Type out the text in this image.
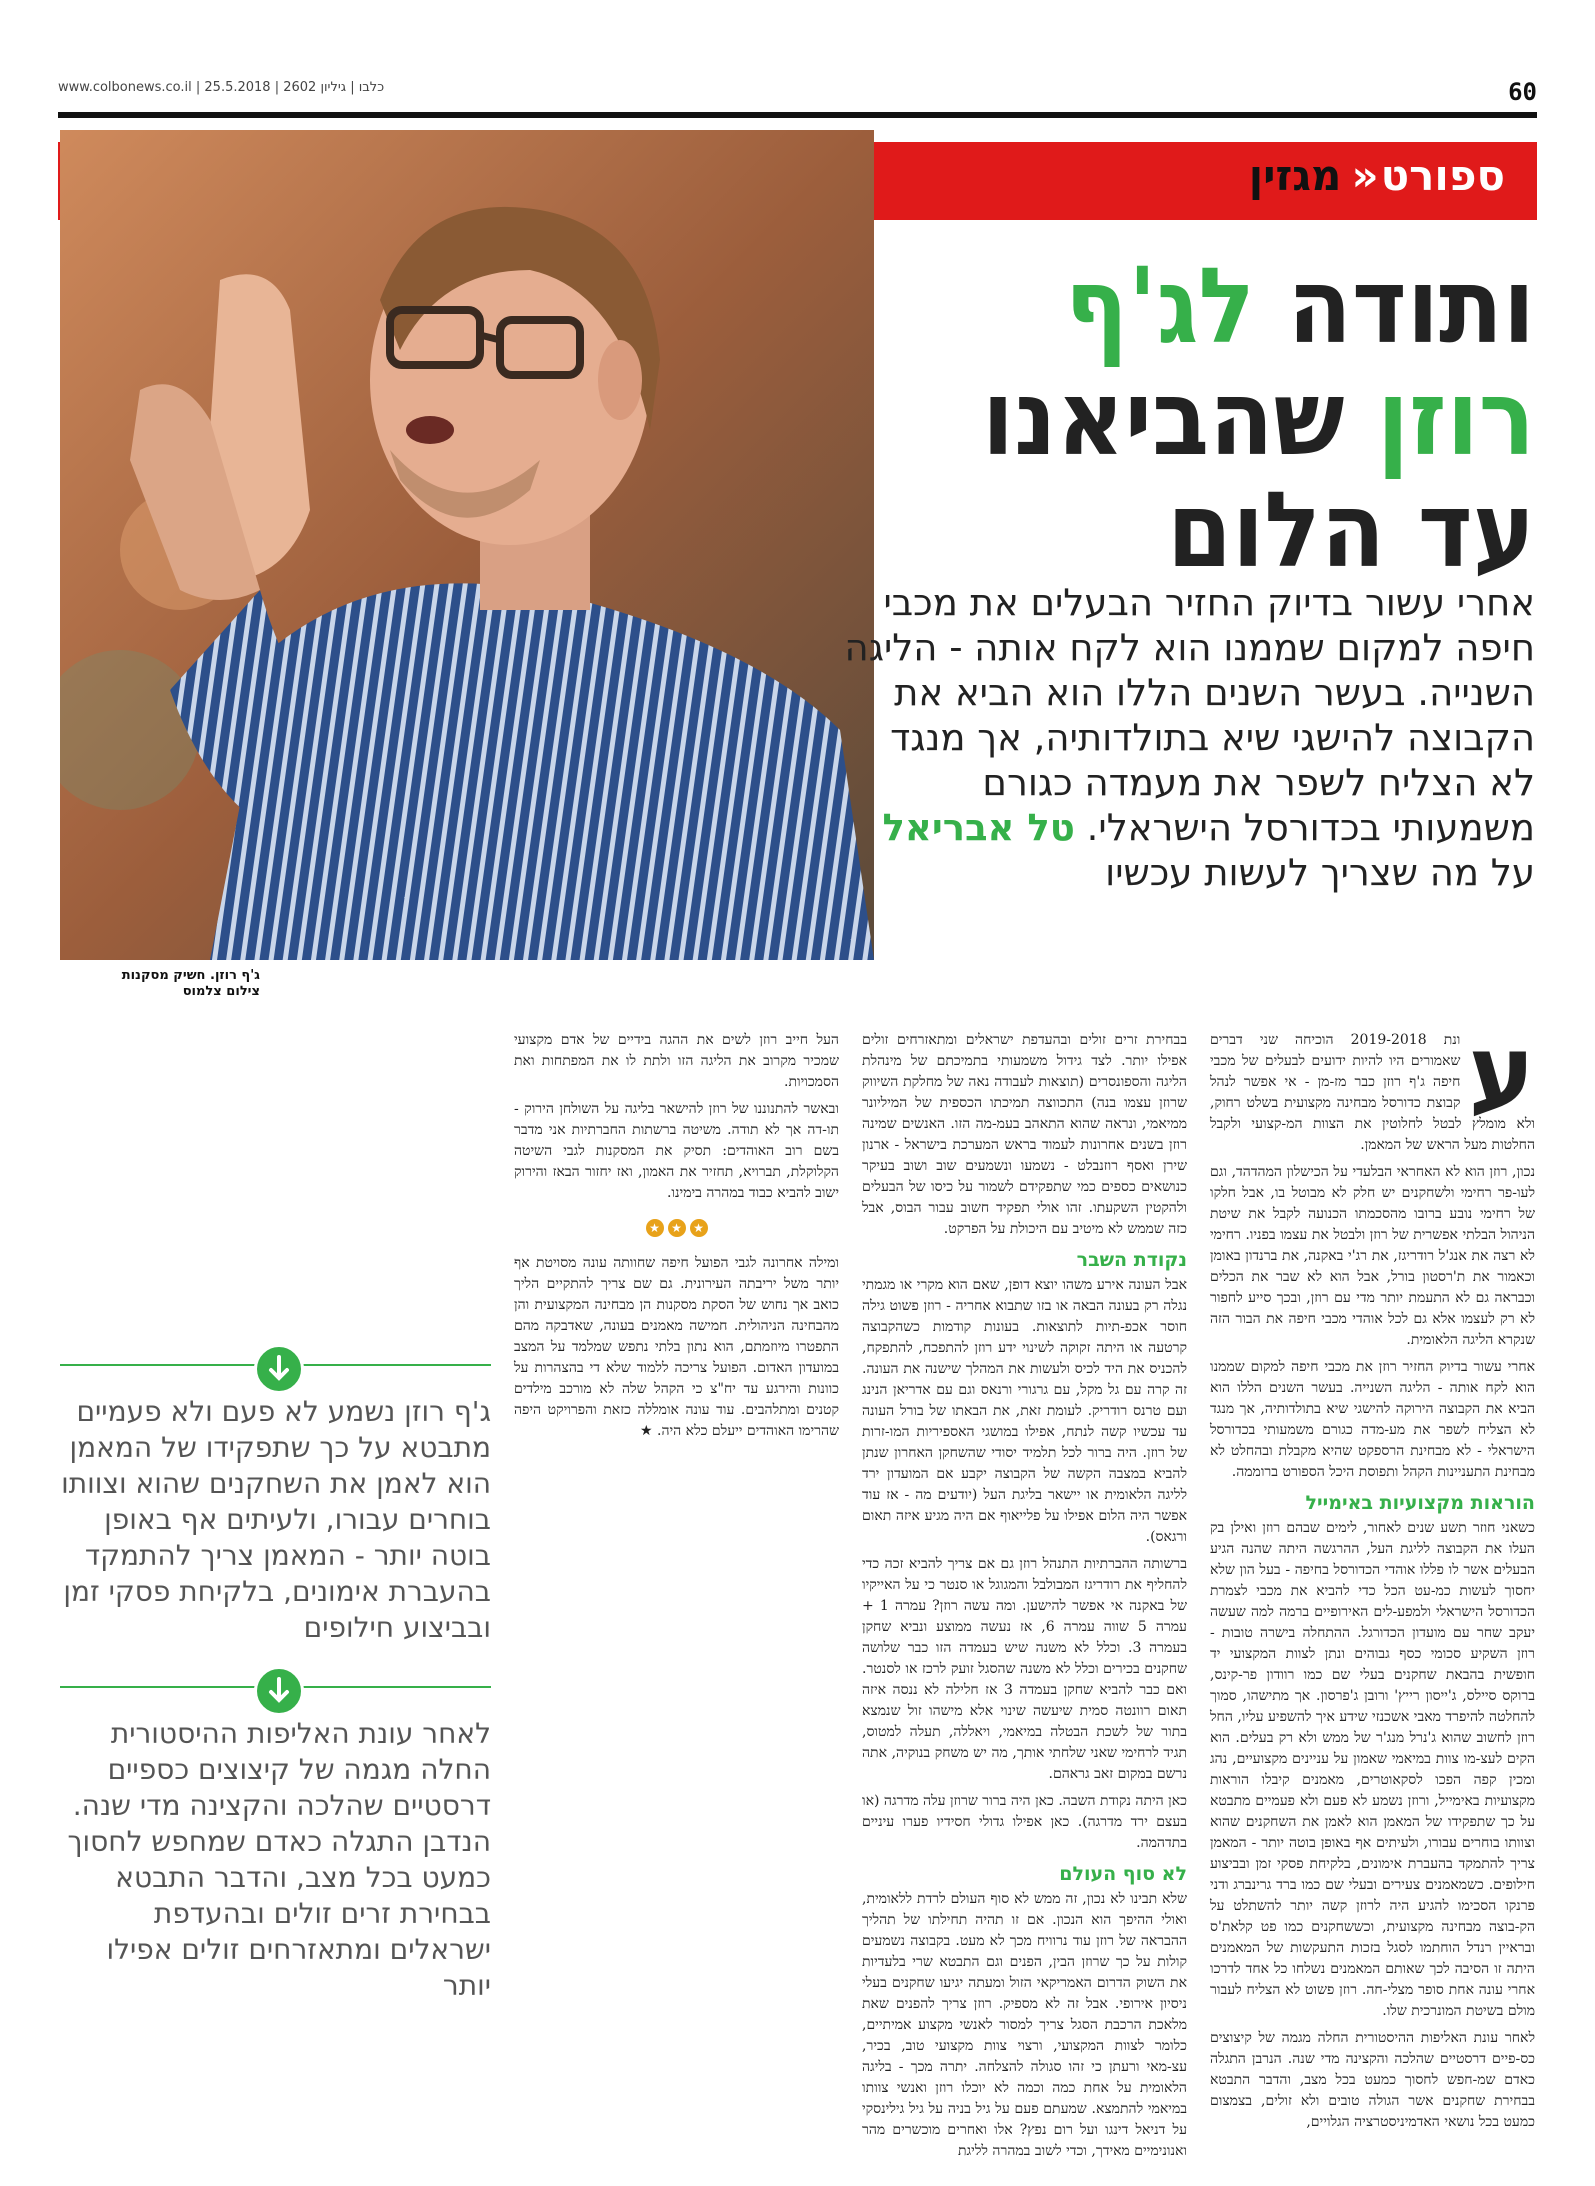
www.colbonews.co.il | כלבו | גיליון 2602 | 25.5.2018	60
ספורט«מגזין
ג'ף רוזן. חשיק מסקנות
צילום צלמוס
ותודה לג'ף
רוזן שהביאנו
עד הלום
אחרי עשור בדיוק החזיר הבעלים את מכבי חיפה למקום שממנו הוא לקח אותה - הליגה השנייה. בעשר השנים הללו הוא הביא את הקבוצה להישגי שיא בתולדותיה, אך מנגד לא הצליח לשפר את מעמדה כגורם משמעותי בכדורסל הישראלי. טל אבריאל על מה שצריך לעשות עכשיו

ע
ונת 2019-2018 הוכיחה שני דברים שאמורים היו להיות ידועים לבעלים של מכבי חיפה ג'ף רוזן כבר מז-מן - אי אפשר לנהל קבוצת כדורסל מבחינה מקצועית בשלט רחוק, ולא מומלץ לבטל לחלוטין את הצוות המ-קצועי ולקבל החלטות מעל הראש של המאמן.

נכון, רוזן הוא לא האחראי הבלעדי על הכישלון המהדהד, וגם לעו-פר רחימי ולשחקנים יש חלק לא מבוטל בו, אבל חלקו של רחימי נובע ברובו מהסכמתו הכנועה לקבל את שיטת הניהול הבלתי אפשרית של רוזן ולבטל את עצמו בפניו. רחימי לא רצה את אנג'ל רודריגז, את רג'י באקנה, את ברנדון באומן וכאמור את ת'רסטון בורל, אבל הוא לא שבר את הכלים וכבראה גם לא התעמת יותר מדי עם רוזן, ובכך סייע לחפור לא רק לעצמו אלא גם לכל אוהדי מכבי חיפה את הבור הזה שנקרא הליגה הלאומית.

אחרי עשור בדיוק החזיר רוזן את מכבי חיפה למקום שממנו הוא לקח אותה - הליגה השנייה. בעשר השנים הללו הוא הביא את הקבוצה הירוקה להישגי שיא בתולדותיה, אך מנגד לא הצליח לשפר את מע-מדה כגורם משמעותי בכדורסל הישראלי - לא מבחינת הרספקט שהיא מקבלת ובהחלט לא מבחינת התעניינות הקהל ותפוסת היכל הספורט ברוממה.

הוראות מקצועיות באימייל

כשאני חוזר תשע שנים לאחור, לימים שבהם רוזן ואילן בק העלו את הקבוצה לליגת העל, ההרגשה היתה שהנה הגיע הבעלים אשר לו פללו אוהדי הכדורסל בחיפה - בעל הון שלא יחסוך לעשות כמ-עט הכל כדי להביא את מכבי לצמרת הכדורסל הישראלי ולמפע-לים האירופיים ברמה למה שעשה יעקב שחר עם מועדון הכדורגל. ההתחלה בישרה טובות - רוזן השקיע סכומי כסף גבוהים ונתן לצוות המקצועי יד חופשית בהבאת שחקנים בעלי שם כמו רוודון פר-קינס, ברוקס סיילס, ג'ייסון רייץ' ורובן ג'פרסון. אך מתישהו, סמוך להחלטה להיפרד מאבי אשכנזי שידע איך להשפיע עליו, החל רוזן לחשוב שהוא ג'נרל מנג'ר של ממש ולא רק בעלים. הוא הקים לעצ-מו צוות במיאמי שאמון על עניינים מקצועיים, נהג ומכין קפה הפכו לסקאוטרים, מאמנים קיבלו הוראות מקצועיות באימייל, ורוזן נשמע לא פעם ולא פעמיים מתבטא על כך שתפקידו של המאמן הוא לאמן את השחקנים שהוא וצוותו בוחרים עבורו, ולעיתים אף באופן בוטה יותר - המאמן צריך להתמקד בהעברת אימונים, בלקיחת פסקי זמן ובביצוע חילופים. כשמאמנים צעירים ובעלי שם כמו ברד גרינברג ודני פרנקו הסכימו להגיע היה לרוזן קשה יותר להשתלט על הק-בוצה מבחינה מקצועית, וכששחקנים כמו פט קלאת'ס ובראיין רנדל הוחתמו לסגל בזכות התעקשות של המאמנים היתה זו הסיבה לכך שאותם המאמנים נשלחו כל אחד לדרכו אחרי עונה אחת סופר מצלי-חה. רוזן פשוט לא הצליח לעבור מולם בשיטת המונרכית שלו.

לאחר עונת האליפות ההיסטורית החלה מגמה של קיצוצים כס-פיים דרסטיים שהלכה והקצינה מדי שנה. הנרבן התגלה כאדם שמ-חפש לחסוך כמעט בכל מצב, והדבר התבטא בבחירת שחקנים אשר הגולה טובים ולא זולים, בצמצום כמעט בכל נושאי האדמיניסטרציה הגלויים,

בבחירת זרים זולים ובהעדפת ישראלים ומתאזרחים זולים אפילו יותר. לצד גידול משמעותי בתמיכתם של מינהלת הליגה והספונסרים (תוצאות לעבודה נאה של מחלקת השיווק שרוזן עצמו בנה) התכווצה תמיכתו הכספית של המיליונר ממיאמי, ונראה שהוא התאהב בעמ-מה הזו. האנשים שמינה רוזן בשנים אחרונות לעמוד בראש המערכת בישראל - ארנון שירן ואסף רוזנבלט - נשמעו ונשמעים שוב ושוב בעיקר כנושאים כספים כמי שתפקידם לשמור על כיסו של הבעלים ולהקטין השקעתו. זהו אולי תפקיד חשוב עבור הבוס, אבל כזה שממש לא מיטיב עם היכולת על הפרקט.

נקודת השבר

אבל העונה אירע משהו יוצא דופן, שאם הוא מקרי או מגמתי נגלה רק בעונה הבאה או בזו שתבוא אחריה - רוזן פשוט גילה חוסר אכפ-תיות לתוצאות. בעונות קודמות כשהקבוצה קרטעה או היתה זקוקה לשינוי ידע רוזן להתפכח, להתפקח, להכניס את היד לכיס ולעשות את המהלך שישנה את העונה. זה קרה עם גל מקל, עם גרגורי ורנאס וגם עם אדריאן הנינג ועם טרנס רודריק. לעומת זאת, את הבאתו של בורל העונה עד עכשיו קשה לנתח, אפילו במושגי האספיריות המו-זרות של רוזן. היה ברור לכל תלמיד יסודי שהשחקן האחרון שנתן להביא במצבה הקשה של הקבוצה יקבע אם המועדון ירד לליגה הלאומית או יישאר בליגת העל (יודעים מה - אז עוד אפשר היה הלום אפילו על פלייאוף אם היה מגיע איזה תאום ורגאס).

ברשותה ההברתיות התנהל רוזן גם אם צריך להביא זכה כדי להחליף את רודריגז המבולבל והמגוגל או סנטר כי על האייקיו של באקנה אי אפשר להישען. ומה עשה רוזן? עמרה 1 + עמרה 5 שווה עמרה 6, אז נעשה ממוצע ונביא שחקן בעמרה 3. וכלל לא משנה שיש בעמדה הזו כבר שלושה שחקנים בכירים וכלל לא משנה שהסגל זועק לרכז או לסנטר. ואם כבר להביא שחקן בעמדה 3 אז חלילה לא ננסה איזה תאום רוונטה סמית שיעשה שינוי אלא מישהו זול שנמצא בתור של לשכת הבטלה במיאמי, ויאללה, תעלה למטוס, תגיד לרחימי שאני שלחתי אותך, מה יש משחק בנוקיה, אתה נרשם במקום זאב גראהם.

כאן היתה נקודת השבה. כאן היה ברור שרוזן עלה מדרגה (או בעצם ירד מדרגה). כאן אפילו גדולי חסידיו פערו עיניים בתדהמה.

לא סוף העולם

שלא תבינו לא נכון, זה ממש לא סוף העולם לרדת ללאומית, ואולי ההיפך הוא הנכון. אם זו תהיה תחילתו של תהליך ההבראה של רוזן עוד נרוויח מכך לא מעט. בקבוצה נשמעים קולות על כך שרוזן הבין, הפנים וגם התבטא שרי בלעדיות את השוק הדרום האמריקאי הזול ומעתה יגיעו שחקנים בעלי ניסיון אירופי. אבל זה לא מספיק. רוזן צריך להפנים שאת מלאכת הרכבת הסגל צריך למסור לאנשי מקצוע אמיתיים, כלומר לצוות המקצועי, ורצוי צוות מקצועי טוב, בכיר, עצ-מאי ורעתן כי זהו סגולה להצלחה. יתרה מכך - בליגה הלאומית על אחת כמה וכמה לא יוכלו רוזן ואנשי צוותו במיאמי להתמצא. שמעתם פעם על גיל בניה על גיל גילינסקי על דניאל דינגו ועל רום נפץ? אלו ואחרים מוכשרים מהר ואנונימיים מאידך, וכדי לשוב במהרה לליגת

העל חייב רוזן לשים את ההגה בידיים של אדם מקצועי שמכיר מקרוב את הליגה הזו ולתת לו את המפתחות ואת הסמכויות.

ובאשר להתנוננו של רוזן להישאר בליגה על השולחן הירוק - תו-דה אך לא תודה. משיטה ברשתות החברתיות אני מדבר בשם רוב האוהדים: תסיק את המסקנות לגבי השיטה הקלוקלת, תברויא, תחזיר את האמון, ואז יחזור הבאז והירוק ישוב להביא כבוד במהרה בימינו.

★★★

ומילה אחרונה לגבי הפועל חיפה שחוותה עונה מסויטת אף יותר משל יריבתה העירונית. גם שם צריך להתקיים הליך כואב אך נחוש של הסקת מסקנות הן מבחינה המקצועית והן מהבחינה הניהולית. חמישה מאמנים בעונה, שאדבקה מהם התפטרו מיוזמתם, הוא נתון בלתי נתפש שמלמד על המצב במועדון האדום. הפועל צריכה ללמוד שלא די בהצהרות על כוונות והירגע עד יח"צ כי הקהל שלה לא מורכב מילדים קטנים ומתלהבים. עוד עונה אומללה כזאת והפרויקט היפה שהרימו האוהדים ייעלם כלא היה. ★

ג'ף רוזן נשמע לא פעם ולא פעמיים מתבטא על כך שתפקידו של המאמן הוא לאמן את השחקנים שהוא וצוותו בוחרים עבורו, ולעיתים אף באופן בוטה יותר - המאמן צריך להתמקד בהעברת אימונים, בלקיחת פסקי זמן ובביצוע חילופים
לאחר עונת האליפות ההיסטורית החלה מגמה של קיצוצים כספיים דרסטיים שהלכה והקצינה מדי שנה. הנדבן התגלה כאדם שמחפש לחסוך כמעט בכל מצב, והדבר התבטא בבחירת זרים זולים ובהעדפת ישראלים ומתאזרחים זולים אפילו יותר
